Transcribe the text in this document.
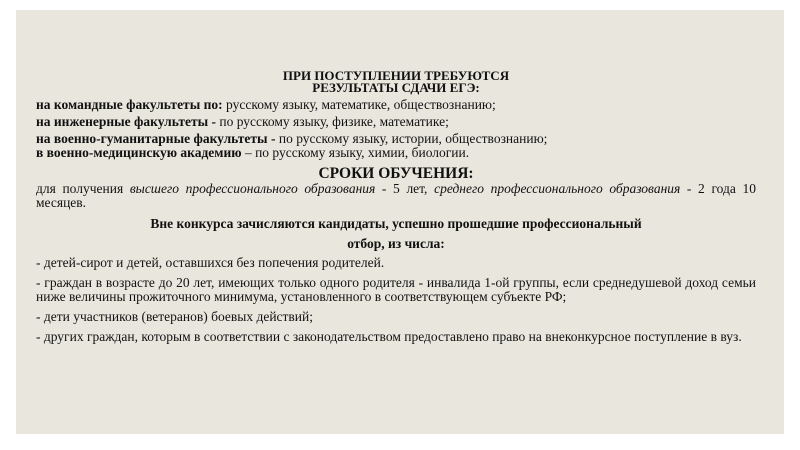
ПРИ ПОСТУПЛЕНИИ ТРЕБУЮТСЯ

РЕЗУЛЬТАТЫ СДАЧИ ЕГЭ:

на командные факультеты по: русскому языку, математике, обществознанию;

на инженерные факультеты - по русскому языку, физике, математике;

на военно-гуманитарные факультеты - по русскому языку, истории, обществознанию;

в военно-медицинскую академию – по русскому языку, химии, биологии.

СРОКИ ОБУЧЕНИЯ:

для получения высшего профессионального образования - 5 лет, среднего профессионального образования - 2 года 10 месяцев.

Вне конкурса зачисляются кандидаты, успешно прошедшие профессиональный

отбор, из числа:

- детей-сирот и детей, оставшихся без попечения родителей.

- граждан в возрасте до 20 лет, имеющих только одного родителя - инвалида 1-ой группы, если среднедушевой доход семьи ниже величины прожиточного минимума, установленного в соответствующем субъекте РФ;

- дети участников (ветеранов) боевых действий;

- других граждан, которым в соответствии с законодательством предоставлено право на внеконкурсное поступление в вуз.
